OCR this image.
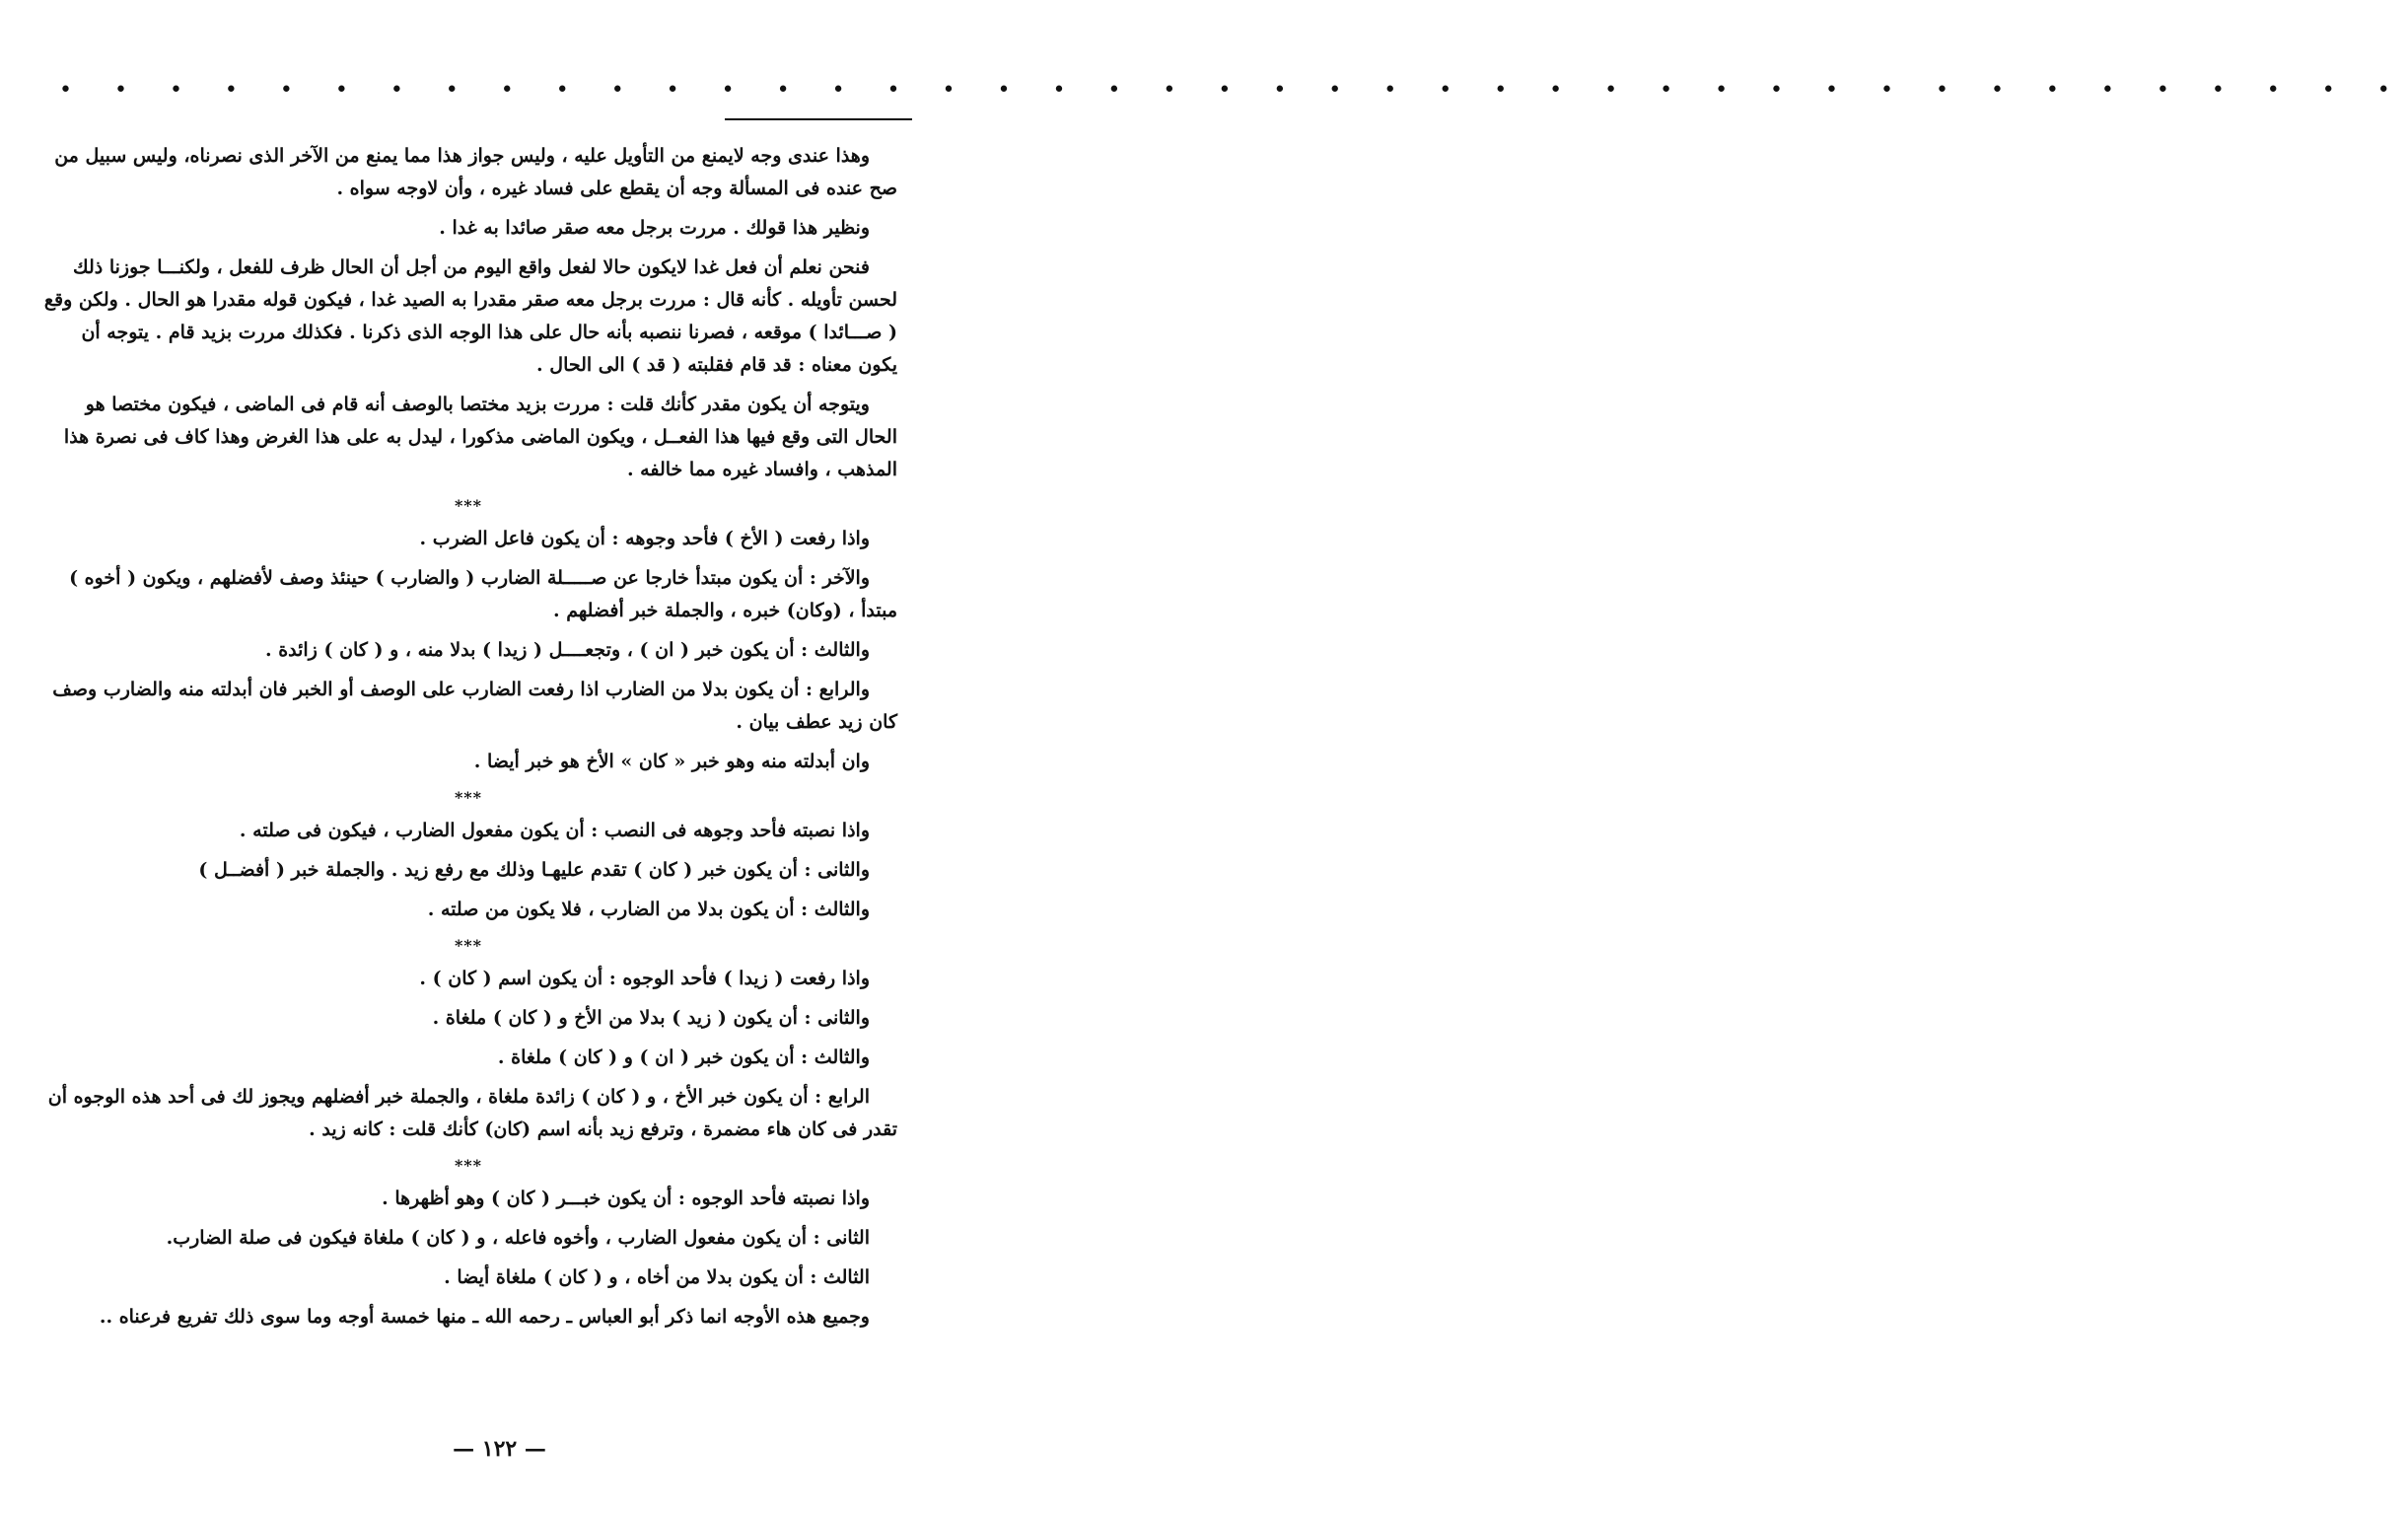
• • • • • • • • • • • • • • • • • • • • • • • • • • • • • • • • • • • • • • • • • • •

وهذا عندى وجه لايمنع من التأويل عليه ، وليس جواز هذا مما يمنع من الآخر الذى نصرناه، وليس سبيل من صح عنده فى المسألة وجه أن يقطع على فساد غيره ، وأن لاوجه سواه .

ونظير هذا قولك . مررت برجل معه صقر صائدا به غدا .

فنحن نعلم أن فعل غدا لايكون حالا لفعل واقع اليوم من أجل أن الحال ظرف للفعل ، ولكنـــا جوزنا ذلك لحسن تأويله . كأنه قال : مررت برجل معه صقر مقدرا به الصيد غدا ، فيكون قوله مقدرا هو الحال . ولكن وقع ( صـــائدا ) موقعه ، فصرنا ننصبه بأنه حال على هذا الوجه الذى ذكرنا . فكذلك مررت بزيد قام . يتوجه أن يكون معناه : قد قام فقلبته ( قد ) الى الحال .

ويتوجه أن يكون مقدر كأنك قلت : مررت بزيد مختصا بالوصف أنه قام فى الماضى ، فيكون مختصا هو الحال التى وقع فيها هذا الفعــل ، ويكون الماضى مذكورا ، ليدل به على هذا الغرض وهذا كاف فى نصرة هذا المذهب ، وافساد غيره مما خالفه .

***

واذا رفعت ( الأخ ) فأحد وجوهه : أن يكون فاعل الضرب .

والآخر : أن يكون مبتدأ خارجا عن صـــــلة الضارب ( والضارب ) حينئذ وصف لأفضلهم ، ويكون ( أخوه ) مبتدأ ، (وكان) خبره ، والجملة خبر أفضلهم .

والثالث : أن يكون خبر ( ان ) ، وتجعــــل ( زيدا ) بدلا منه ، و ( كان ) زائدة .

والرابع : أن يكون بدلا من الضارب اذا رفعت الضارب على الوصف أو الخبر فان أبدلته منه والضارب وصف كان زيد عطف بيان .

وان أبدلته منه وهو خبر « كان » الأخ هو خبر أيضا .

***

واذا نصبته فأحد وجوهه فى النصب : أن يكون مفعول الضارب ، فيكون فى صلته .

والثانى : أن يكون خبر ( كان ) تقدم عليهـا وذلك مع رفع زيد . والجملة خبر ( أفضــل )

والثالث : أن يكون بدلا من الضارب ، فلا يكون من صلته .

***

واذا رفعت ( زيدا ) فأحد الوجوه : أن يكون اسم ( كان ) .

والثانى : أن يكون ( زيد ) بدلا من الأخ و ( كان ) ملغاة .

والثالث : أن يكون خبر ( ان ) و ( كان ) ملغاة .

الرابع : أن يكون خبر الأخ ، و ( كان ) زائدة ملغاة ، والجملة خبر أفضلهم ويجوز لك فى أحد هذه الوجوه أن تقدر فى كان هاء مضمرة ، وترفع زيد بأنه اسم (كان) كأنك قلت : كانه زيد .

***

واذا نصبته فأحد الوجوه : أن يكون خبـــر ( كان ) وهو أظهرها .

الثانى : أن يكون مفعول الضارب ، وأخوه فاعله ، و ( كان ) ملغاة فيكون فى صلة الضارب.

الثالث : أن يكون بدلا من أخاه ، و ( كان ) ملغاة أيضا .

وجميع هذه الأوجه انما ذكر أبو العباس ـ رحمه الله ـ منها خمسة أوجه وما سوى ذلك تفريع فرعناه ..

— ١٢٢ —
